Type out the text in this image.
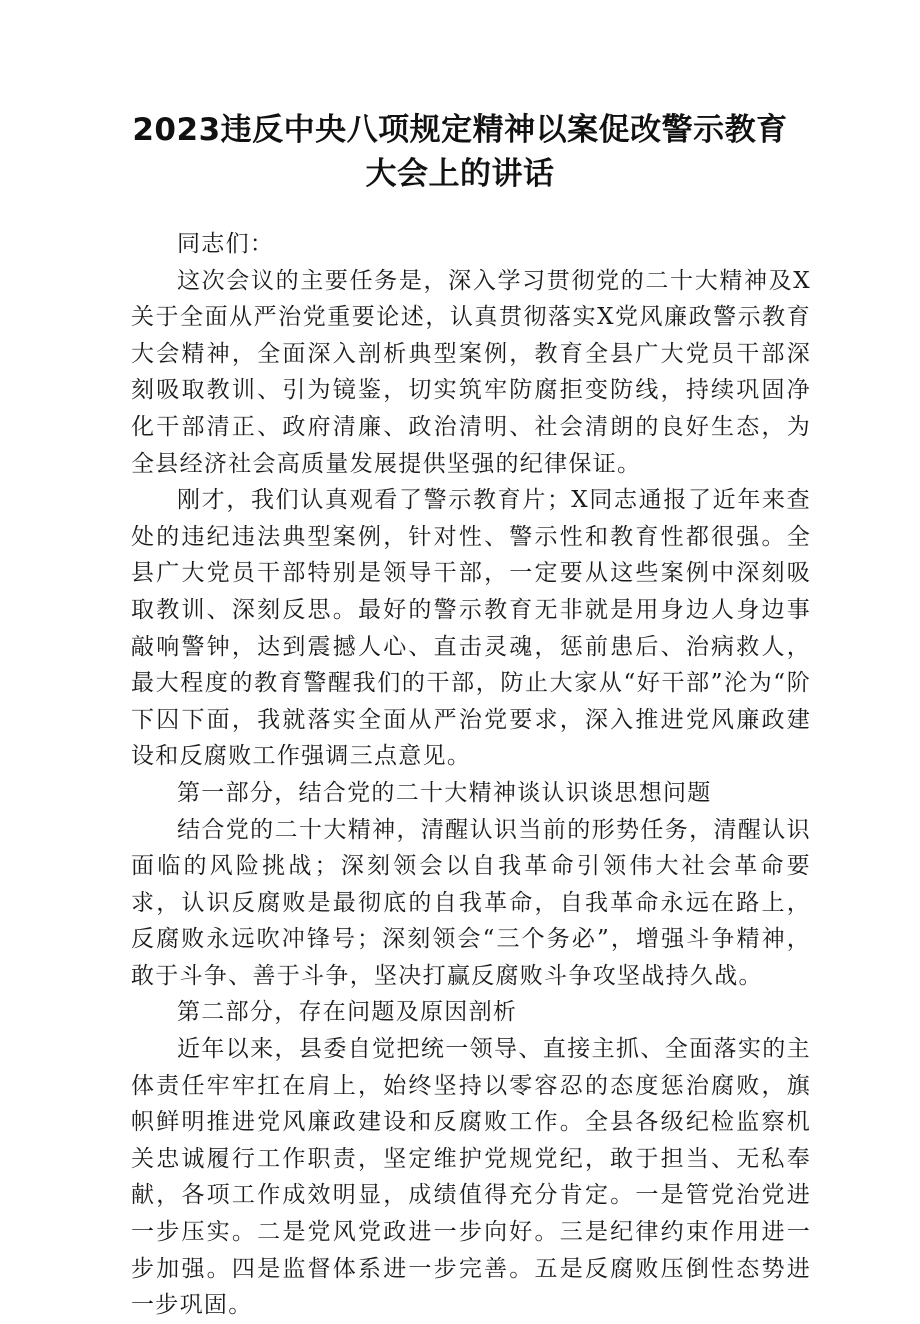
2023违反中央八项规定精神以案促改警示教育
大会上的讲话

同志们：

这次会议的主要任务是，深入学习贯彻党的二十大精神及X关于全面从严治党重要论述，认真贯彻落实X党风廉政警示教育大会精神，全面深入剖析典型案例，教育全县广大党员干部深刻吸取教训、引为镜鉴，切实筑牢防腐拒变防线，持续巩固净化干部清正、政府清廉、政治清明、社会清朗的良好生态，为全县经济社会高质量发展提供坚强的纪律保证。

刚才，我们认真观看了警示教育片；X同志通报了近年来查处的违纪违法典型案例，针对性、警示性和教育性都很强。全县广大党员干部特别是领导干部，一定要从这些案例中深刻吸取教训、深刻反思。最好的警示教育无非就是用身边人身边事敲响警钟，达到震撼人心、直击灵魂，惩前患后、治病救人，最大程度的教育警醒我们的干部，防止大家从“好干部”沦为“阶下囚下面，我就落实全面从严治党要求，深入推进党风廉政建设和反腐败工作强调三点意见。

第一部分，结合党的二十大精神谈认识谈思想问题

结合党的二十大精神，清醒认识当前的形势任务，清醒认识面临的风险挑战；深刻领会以自我革命引领伟大社会革命要求，认识反腐败是最彻底的自我革命，自我革命永远在路上，反腐败永远吹冲锋号；深刻领会“三个务必”，增强斗争精神，敢于斗争、善于斗争，坚决打赢反腐败斗争攻坚战持久战。

第二部分，存在问题及原因剖析

近年以来，县委自觉把统一领导、直接主抓、全面落实的主体责任牢牢扛在肩上，始终坚持以零容忍的态度惩治腐败，旗帜鲜明推进党风廉政建设和反腐败工作。全县各级纪检监察机关忠诚履行工作职责，坚定维护党规党纪，敢于担当、无私奉献，各项工作成效明显，成绩值得充分肯定。一是管党治党进一步压实。二是党风党政进一步向好。三是纪律约束作用进一步加强。四是监督体系进一步完善。五是反腐败压倒性态势进一步巩固。
